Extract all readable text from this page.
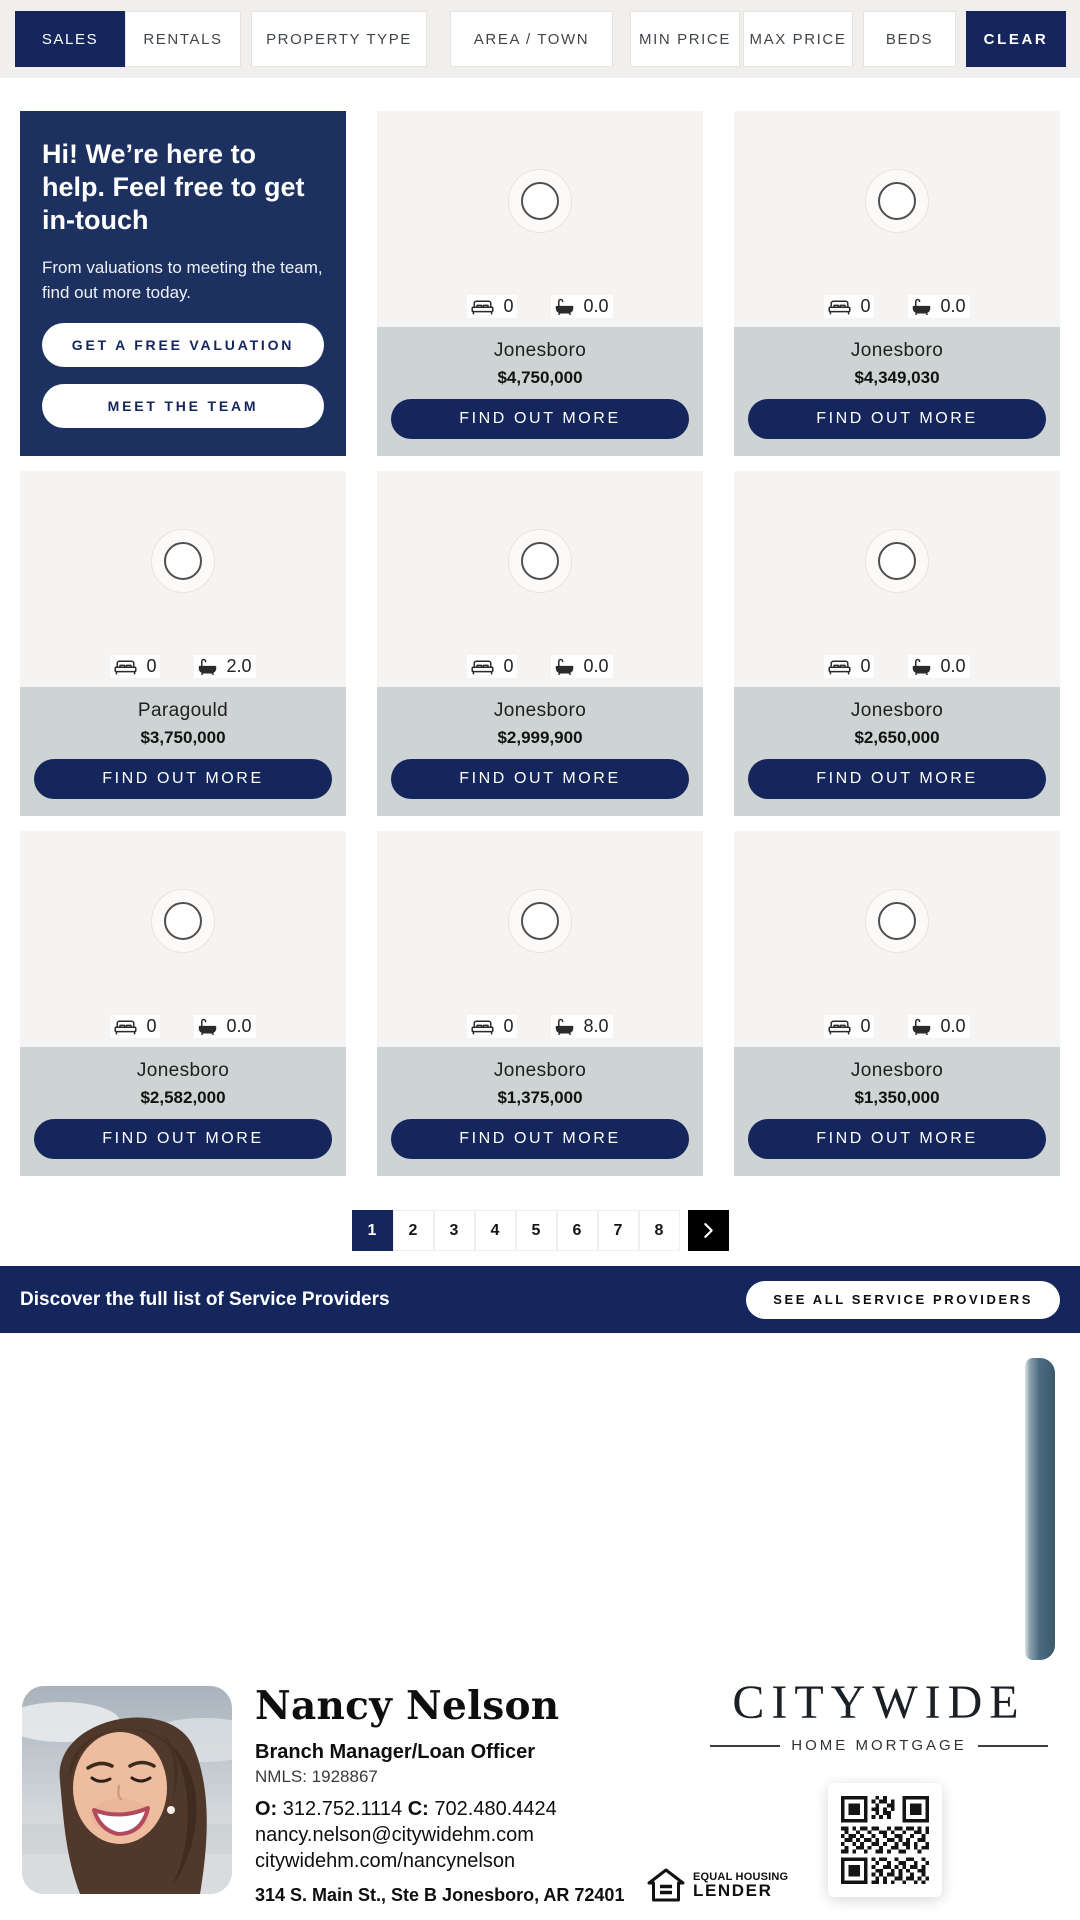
SALES	RENTALS	PROPERTY TYPE	AREA / TOWN	MIN PRICE	MAX PRICE	BEDS	CLEAR
Hi! We’re here to help. Feel free to get in-touch

From valuations to meeting the team, find out more today.

GET A FREE VALUATION
MEET THE TEAM
0	0.0
Jonesboro
$4,750,000
FIND OUT MORE
0	0.0
Jonesboro
$4,349,030
FIND OUT MORE
0	2.0
Paragould
$3,750,000
FIND OUT MORE
0	0.0
Jonesboro
$2,999,900
FIND OUT MORE
0	0.0
Jonesboro
$2,650,000
FIND OUT MORE
0	0.0
Jonesboro
$2,582,000
FIND OUT MORE
0	8.0
Jonesboro
$1,375,000
FIND OUT MORE
0	0.0
Jonesboro
$1,350,000
FIND OUT MORE
1	2	3	4	5	6	7	8
Discover the full list of Service Providers	SEE ALL SERVICE PROVIDERS
Nancy Nelson
Branch Manager/Loan Officer
NMLS: 1928867
O: 312.752.1114 C: 702.480.4424
nancy.nelson@citywidehm.com
citywidehm.com/nancynelson
314 S. Main St., Ste B Jonesboro, AR 72401
CITYWIDE
HOME MORTGAGE
EQUAL HOUSING
LENDER
